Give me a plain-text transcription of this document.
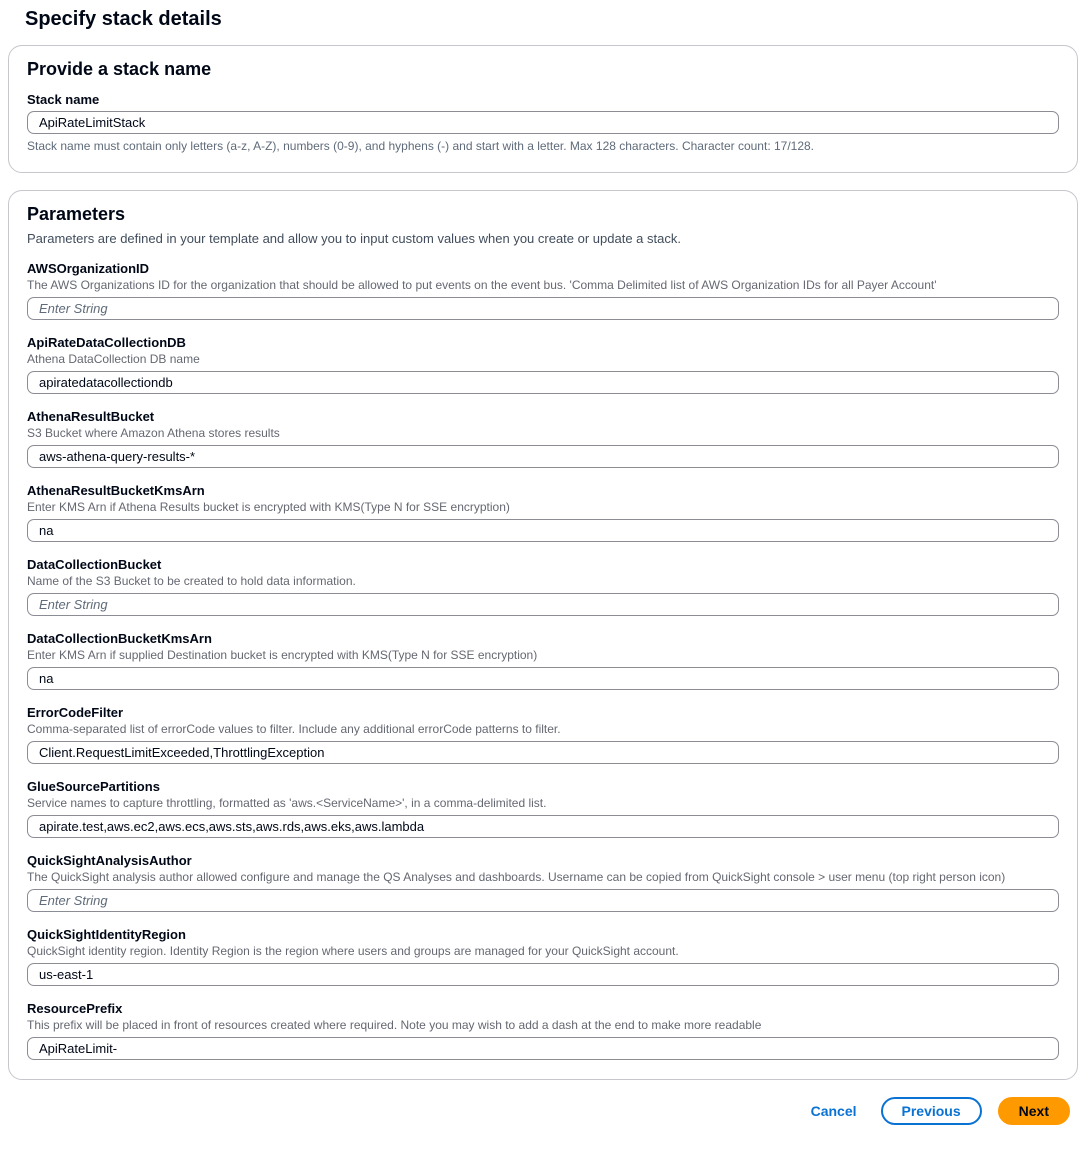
Specify stack details
Provide a stack name
Stack name
ApiRateLimitStack

Stack name must contain only letters (a-z, A-Z), numbers (0-9), and hyphens (-) and start with a letter. Max 128 characters. Character count: 17/128.

Parameters

Parameters are defined in your template and allow you to input custom values when you create or update a stack.

AWSOrganizationID
The AWS Organizations ID for the organization that should be allowed to put events on the event bus. 'Comma Delimited list of AWS Organization IDs for all Payer Account'
Enter String
ApiRateDataCollectionDB
Athena DataCollection DB name
apiratedatacollectiondb
AthenaResultBucket
S3 Bucket where Amazon Athena stores results
aws-athena-query-results-*
AthenaResultBucketKmsArn
Enter KMS Arn if Athena Results bucket is encrypted with KMS(Type N for SSE encryption)
na
DataCollectionBucket
Name of the S3 Bucket to be created to hold data information.
Enter String
DataCollectionBucketKmsArn
Enter KMS Arn if supplied Destination bucket is encrypted with KMS(Type N for SSE encryption)
na
ErrorCodeFilter
Comma-separated list of errorCode values to filter. Include any additional errorCode patterns to filter.
Client.RequestLimitExceeded,ThrottlingException
GlueSourcePartitions
Service names to capture throttling, formatted as 'aws.<ServiceName>', in a comma-delimited list.
apirate.test,aws.ec2,aws.ecs,aws.sts,aws.rds,aws.eks,aws.lambda
QuickSightAnalysisAuthor
The QuickSight analysis author allowed configure and manage the QS Analyses and dashboards. Username can be copied from QuickSight console > user menu (top right person icon)
Enter String
QuickSightIdentityRegion
QuickSight identity region. Identity Region is the region where users and groups are managed for your QuickSight account.
us-east-1
ResourcePrefix
This prefix will be placed in front of resources created where required. Note you may wish to add a dash at the end to make more readable
ApiRateLimit-
Cancel	Previous	Next
